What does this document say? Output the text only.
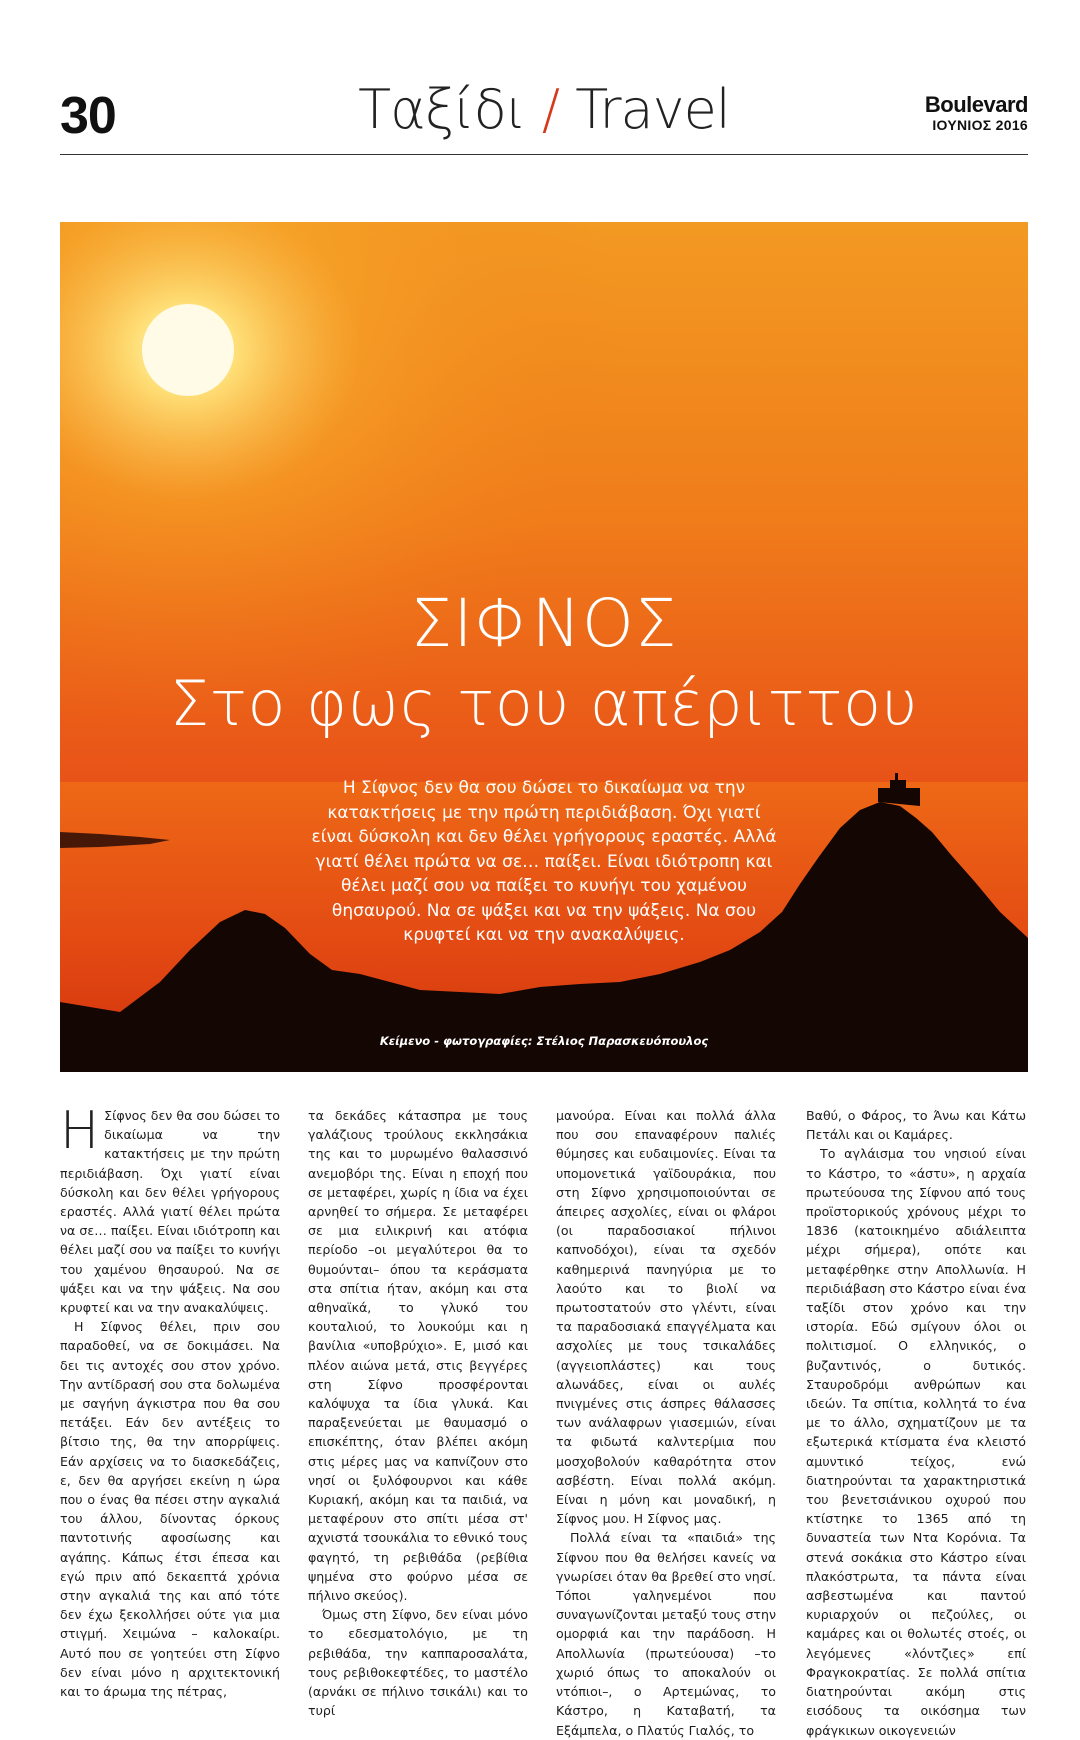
30	Ταξίδι / Travel	Boulevard
ΙΟΥΝΙΟΣ 2016
ΣΙΦΝΟΣ
Στο φως του απέριττου
Η Σίφνος δεν θα σου δώσει το δικαίωμα να την κατακτήσεις με την πρώτη περιδιάβαση. Όχι γιατί είναι δύσκολη και δεν θέλει γρήγορους εραστές. Αλλά γιατί θέλει πρώτα να σε… παίξει. Είναι ιδιότροπη και θέλει μαζί σου να παίξει το κυνήγι του χαμένου θησαυρού. Να σε ψάξει και να την ψάξεις. Να σου κρυφτεί και να την ανακαλύψεις.
Κείμενο - φωτογραφίες: Στέλιος Παρασκευόπουλος

Η Σίφνος δεν θα σου δώσει το δικαίωμα να την κατακτήσεις με την πρώτη περιδιάβαση. Όχι γιατί είναι δύσκολη και δεν θέλει γρήγορους εραστές. Αλλά γιατί θέλει πρώτα να σε… παίξει. Είναι ιδιότροπη και θέλει μαζί σου να παίξει το κυνήγι του χαμένου θησαυρού. Να σε ψάξει και να την ψάξεις. Να σου κρυφτεί και να την ανακαλύψεις.

Η Σίφνος θέλει, πριν σου παραδοθεί, να σε δοκιμάσει. Να δει τις αντοχές σου στον χρόνο. Την αντίδρασή σου στα δολωμένα με σαγήνη άγκιστρα που θα σου πετάξει. Εάν δεν αντέξεις το βίτσιο της, θα την απορρίψεις. Εάν αρχίσεις να το διασκεδάζεις, ε, δεν θα αργήσει εκείνη η ώρα που ο ένας θα πέσει στην αγκαλιά του άλλου, δίνοντας όρκους παντοτινής αφοσίωσης και αγάπης. Κάπως έτσι έπεσα και εγώ πριν από δεκαεπτά χρόνια στην αγκαλιά της και από τότε δεν έχω ξεκολλήσει ούτε για μια στιγμή. Χειμώνα – καλοκαίρι. Αυτό που σε γοητεύει στη Σίφνο δεν είναι μόνο η αρχιτεκτονική και το άρωμα της πέτρας,

τα δεκάδες κάτασπρα με τους γαλάζιους τρούλους εκκλησάκια της και το μυρωμένο θαλασσινό ανεμοβόρι της. Είναι η εποχή που σε μεταφέρει, χωρίς η ίδια να έχει αρνηθεί το σήμερα. Σε μεταφέρει σε μια ειλικρινή και ατόφια περίοδο –οι μεγαλύτεροι θα το θυμούνται– όπου τα κεράσματα στα σπίτια ήταν, ακόμη και στα αθηναϊκά, το γλυκό του κουταλιού, το λουκούμι και η βανίλια «υποβρύχιο». Ε, μισό και πλέον αιώνα μετά, στις βεγγέρες στη Σίφνο προσφέρονται καλόψυχα τα ίδια γλυκά. Και παραξενεύεται με θαυμασμό ο επισκέπτης, όταν βλέπει ακόμη στις μέρες μας να καπνίζουν στο νησί οι ξυλόφουρνοι και κάθε Κυριακή, ακόμη και τα παιδιά, να μεταφέρουν στο σπίτι μέσα στ' αχνιστά τσουκάλια το εθνικό τους φαγητό, τη ρεβιθάδα (ρεβίθια ψημένα στο φούρνο μέσα σε πήλινο σκεύος).

Όμως στη Σίφνο, δεν είναι μόνο το εδεσματολόγιο, με τη ρεβιθάδα, την καππαροσαλάτα, τους ρεβιθοκεφτέδες, το μαστέλο (αρνάκι σε πήλινο τσικάλι) και το τυρί

μανούρα. Είναι και πολλά άλλα που σου επαναφέρουν παλιές θύμησες και ευδαιμονίες. Είναι τα υπομονετικά γαϊδουράκια, που στη Σίφνο χρησιμοποιούνται σε άπειρες ασχολίες, είναι οι φλάροι (οι παραδοσιακοί πήλινοι καπνοδόχοι), είναι τα σχεδόν καθημερινά πανηγύρια με το λαούτο και το βιολί να πρωτοστατούν στο γλέντι, είναι τα παραδοσιακά επαγγέλματα και ασχολίες με τους τσικαλάδες (αγγειοπλάστες) και τους αλωνάδες, είναι οι αυλές πνιγμένες στις άσπρες θάλασσες των ανάλαφρων γιασεμιών, είναι τα φιδωτά καλντερίμια που μοσχοβολούν καθαρότητα στον ασβέστη. Είναι πολλά ακόμη. Είναι η μόνη και μοναδική, η Σίφνος μου. Η Σίφνος μας.

Πολλά είναι τα «παιδιά» της Σίφνου που θα θελήσει κανείς να γνωρίσει όταν θα βρεθεί στο νησί. Τόποι γαληνεμένοι που συναγωνίζονται μεταξύ τους στην ομορφιά και την παράδοση. Η Απολλωνία (πρωτεύουσα) –το χωριό όπως το αποκαλούν οι ντόπιοι–, ο Αρτεμώνας, το Κάστρο, η Καταβατή, τα Εξάμπελα, ο Πλατύς Γιαλός, το

Βαθύ, ο Φάρος, το Άνω και Κάτω Πετάλι και οι Καμάρες.

Το αγλάισμα του νησιού είναι το Κάστρο, το «άστυ», η αρχαία πρωτεύουσα της Σίφνου από τους προϊστορικούς χρόνους μέχρι το 1836 (κατοικημένο αδιάλειπτα μέχρι σήμερα), οπότε και μεταφέρθηκε στην Απολλωνία. Η περιδιάβαση στο Κάστρο είναι ένα ταξίδι στον χρόνο και την ιστορία. Εδώ σμίγουν όλοι οι πολιτισμοί. Ο ελληνικός, ο βυζαντινός, ο δυτικός. Σταυροδρόμι ανθρώπων και ιδεών. Τα σπίτια, κολλητά το ένα με το άλλο, σχηματίζουν με τα εξωτερικά κτίσματα ένα κλειστό αμυντικό τείχος, ενώ διατηρούνται τα χαρακτηριστικά του βενετσιάνικου οχυρού που κτίστηκε το 1365 από τη δυναστεία των Ντα Κορόνια. Τα στενά σοκάκια στο Κάστρο είναι πλακόστρωτα, τα πάντα είναι ασβεστωμένα και παντού κυριαρχούν οι πεζούλες, οι καμάρες και οι θολωτές στοές, οι λεγόμενες «λόντζιες» επί Φραγκοκρατίας. Σε πολλά σπίτια διατηρούνται ακόμη στις εισόδους τα οικόσημα των φράγκικων οικογενειών
